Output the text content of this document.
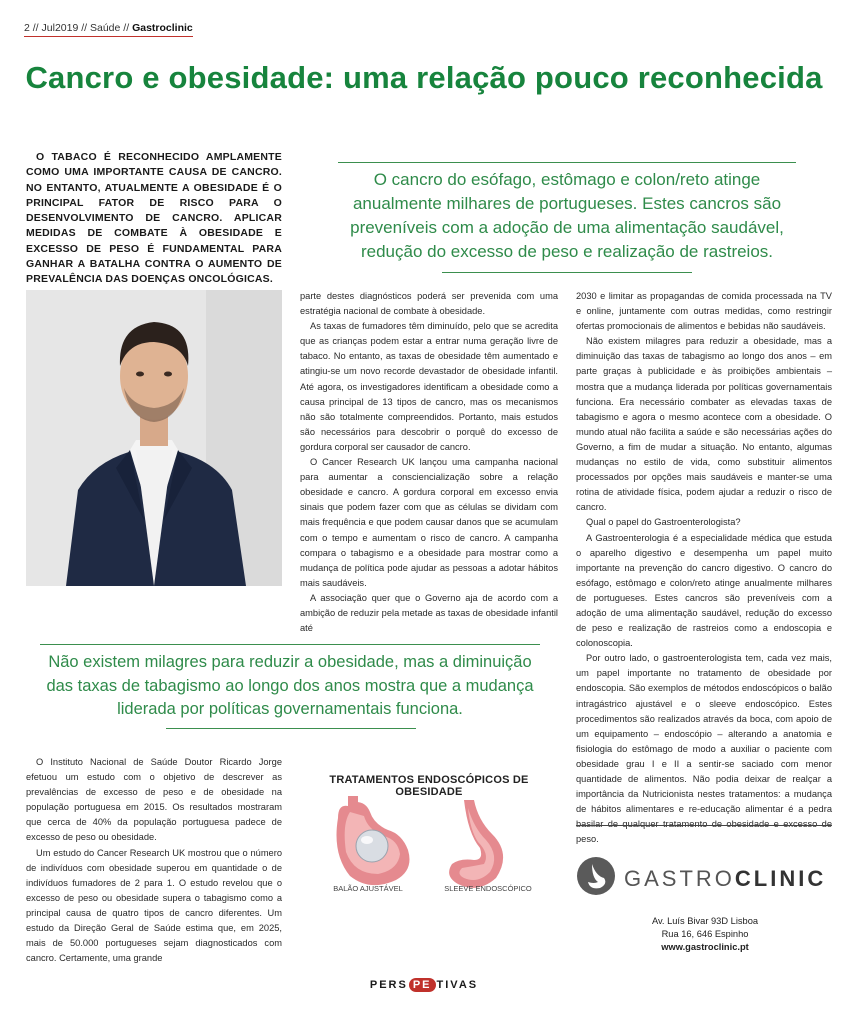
2 // Jul2019 // Saúde // Gastroclinic
Cancro e obesidade: uma relação pouco reconhecida
O TABACO É RECONHECIDO AMPLAMENTE COMO UMA IMPORTANTE CAUSA DE CANCRO. NO ENTANTO, ATUALMENTE A OBESIDADE É O PRINCIPAL FATOR DE RISCO PARA O DESENVOLVIMENTO DE CANCRO. APLICAR MEDIDAS DE COMBATE À OBESIDADE E EXCESSO DE PESO É FUNDAMENTAL PARA GANHAR A BATALHA CONTRA O AUMENTO DE PREVALÊNCIA DAS DOENÇAS ONCOLÓGICAS.
O cancro do esófago, estômago e colon/reto atinge anualmente milhares de portugueses. Estes cancros são preveníveis com a adoção de uma alimentação saudável, redução do excesso de peso e realização de rastreios.

parte destes diagnósticos poderá ser prevenida com uma estratégia nacional de combate à obesidade.

As taxas de fumadores têm diminuído, pelo que se acredita que as crianças podem estar a entrar numa geração livre de tabaco. No entanto, as taxas de obesidade têm aumentado e atingiu-se um novo recorde devastador de obesidade infantil. Até agora, os investigadores identificam a obesidade como a causa principal de 13 tipos de cancro, mas os mecanismos não são totalmente compreendidos. Portanto, mais estudos são necessários para descobrir o porquê do excesso de gordura corporal ser causador de cancro.

O Cancer Research UK lançou uma campanha nacional para aumentar a consciencialização sobre a relação obesidade e cancro. A gordura corporal em excesso envia sinais que podem fazer com que as células se dividam com mais frequência e que podem causar danos que se acumulam com o tempo e aumentam o risco de cancro. A campanha compara o tabagismo e a obesidade para mostrar como a mudança de política pode ajudar as pessoas a adotar hábitos mais saudáveis.

A associação quer que o Governo aja de acordo com a ambição de reduzir pela metade as taxas de obesidade infantil até

2030 e limitar as propagandas de comida processada na TV e online, juntamente com outras medidas, como restringir ofertas promocionais de alimentos e bebidas não saudáveis.

Não existem milagres para reduzir a obesidade, mas a diminuição das taxas de tabagismo ao longo dos anos – em parte graças à publicidade e às proibições ambientais – mostra que a mudança liderada por políticas governamentais funciona. Era necessário combater as elevadas taxas de tabagismo e agora o mesmo acontece com a obesidade. O mundo atual não facilita a saúde e são necessárias ações do Governo, a fim de mudar a situação. No entanto, algumas mudanças no estilo de vida, como substituir alimentos processados por opções mais saudáveis e manter-se uma rotina de atividade física, podem ajudar a reduzir o risco de cancro.

Qual o papel do Gastroenterologista?

A Gastroenterologia é a especialidade médica que estuda o aparelho digestivo e desempenha um papel muito importante na prevenção do cancro digestivo. O cancro do esófago, estômago e colon/reto atinge anualmente milhares de portugueses. Estes cancros são preveníveis com a adoção de uma alimentação saudável, redução do excesso de peso e realização de rastreios como a endoscopia e colonoscopia.

Por outro lado, o gastroenterologista tem, cada vez mais, um papel importante no tratamento de obesidade por endoscopia. São exemplos de métodos endoscópicos o balão intragástrico ajustável e o sleeve endoscópico. Estes procedimentos são realizados através da boca, com apoio de um equipamento – endoscópio – alterando a anatomia e fisiologia do estômago de modo a auxiliar o paciente com obesidade grau I e II a sentir-se saciado com menor quantidade de alimentos. Não podia deixar de realçar a importância da Nutricionista nestes tratamentos: a mudança de hábitos alimentares e re-educação alimentar é a pedra peso.

Não existem milagres para reduzir a obesidade, mas a diminuição das taxas de tabagismo ao longo dos anos mostra que a mudança liderada por políticas governamentais funciona.

O Instituto Nacional de Saúde Doutor Ricardo Jorge efetuou um estudo com o objetivo de descrever as prevalências de excesso de peso e de obesidade na população portuguesa em 2015. Os resultados mostraram que cerca de 40% da população portuguesa padece de excesso de peso ou obesidade.

Um estudo do Cancer Research UK mostrou que o número de indivíduos com obesidade superou em quantidade o de indivíduos fumadores de 2 para 1. O estudo revelou que o excesso de peso ou obesidade supera o tabagismo como a principal causa de quatro tipos de cancro diferentes. Um estudo da Direção Geral de Saúde estima que, em 2025, mais de 50.000 portugueses sejam diagnosticados com cancro. Certamente, uma grande

TRATAMENTOS ENDOSCÓPICOS DE OBESIDADE
BALÃO AJUSTÁVEL	SLEEVE ENDOSCÓPICO	GASTROCLINIC
Av. Luís Bivar 93D Lisboa
Rua 16, 646 Espinho
www.gastroclinic.pt
PERS PE TIVAS
